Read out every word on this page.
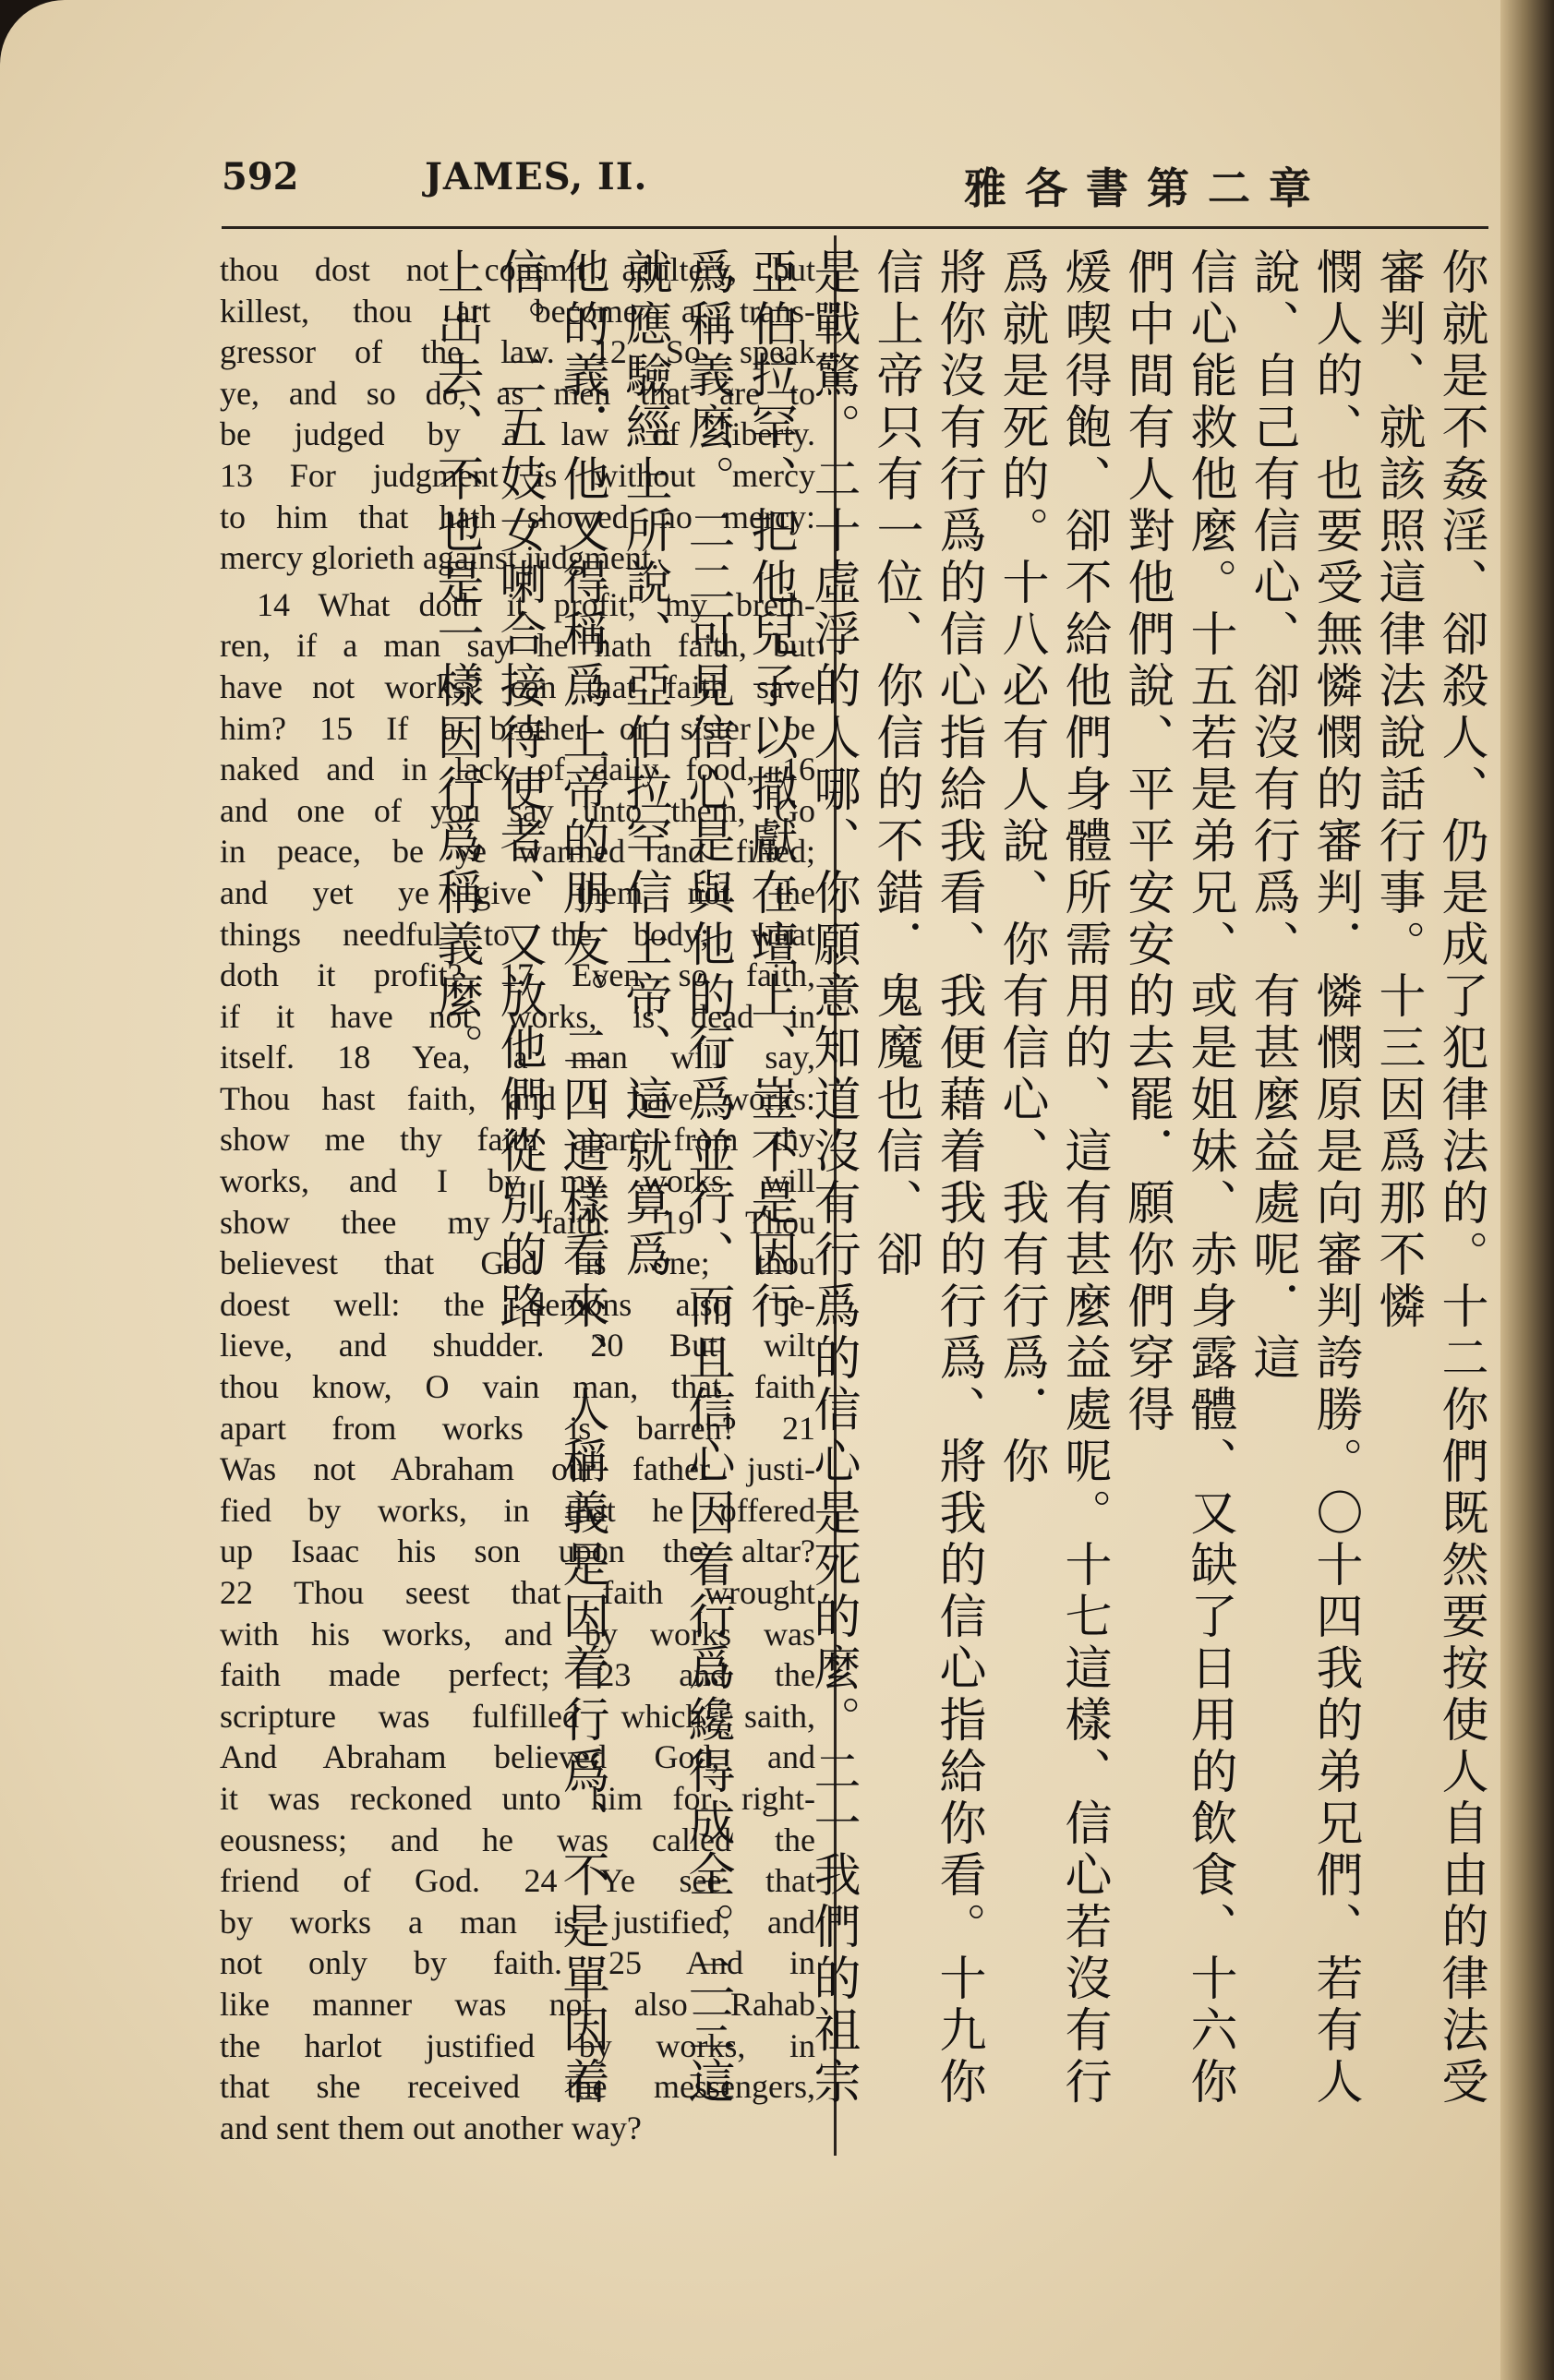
592	JAMES, II.	雅各書第二章

thou dost not commit adultery, but

killest, thou art become a trans-

gressor of the law. 12 So speak

ye, and so do, as men that are to

be judged by a law of liberty.

13 For judgment is without mercy

to him that hath showed no mercy:

mercy glorieth against judgment.

14 What doth it profit, my breth-

ren, if a man say he hath faith, but

have not works? can that faith save

him? 15 If a brother or sister be

naked and in lack of daily food, 16

and one of you say unto them, Go

in peace, be ye warmed and filled;

and yet ye give them not the

things needful to the body; what

doth it profit? 17 Even so faith,

if it have not works, is dead in

itself. 18 Yea, a man will say,

Thou hast faith, and I have works:

show me thy faith apart from thy

works, and I by my works will

show thee my faith. 19 Thou

believest that God is one; thou

doest well: the demons also be-

lieve, and shudder. 20 But wilt

thou know, O vain man, that faith

apart from works is barren? 21

Was not Abraham our father justi-

fied by works, in that he offered

up Isaac his son upon the altar?

22 Thou seest that faith wrought

with his works, and by works was

faith made perfect; 23 and the

scripture was fulfilled which saith,

And Abraham believed God, and

it was reckoned unto him for right-

eousness; and he was called the

friend of God. 24 Ye see that

by works a man is justified, and

not only by faith. 25 And in

like manner was not also Rahab

the harlot justified by works, in

that she received the messengers,

and sent them out another way?

你就是不姦淫、卻殺人、仍是成了犯律法的。十二你們既然要按使人自由的律法受審判、就該照這律法說話行事。十三因爲那不憐
憫人的、也要受無憐憫的審判．憐憫原是向審判誇勝。〇十四我的弟兄們、若有人說、自己有信心、卻沒有行爲、有甚麼益處呢．這
信心能救他麼。十五若是弟兄、或是姐妹、赤身露體、又缺了日用的飲食、十六你們中間有人對他們說、平平安安的去罷．願你們穿得
煖喫得飽、卻不給他們身體所需用的、這有甚麼益處呢。十七這樣、信心若沒有行爲就是死的。十八必有人說、你有信心、我有行爲．你
將你沒有行爲的信心指給我看、我便藉着我的行爲、將我的信心指給你看。十九你信上帝只有一位、你信的不錯．鬼魔也信、卻
是戰驚。二十虛浮的人哪、你願意知道沒有行爲的信心是死的麼。二一我們的祖宗亞伯拉罕、把他兒子以撒獻在壇上、豈不是因行
爲稱義麼。二二可見信心是與他的行爲並行、而且信心因着行爲纔得成全。二三這就應驗經上所說、亞伯拉罕信上帝、這就算爲
他的義．他又得稱爲上帝的朋友。二四這樣看來、人稱義是因着行爲、不是單因着信。二五妓女喇合接待使者、又放他們從別的路
上出去、不也是一樣因行爲稱義麼。
